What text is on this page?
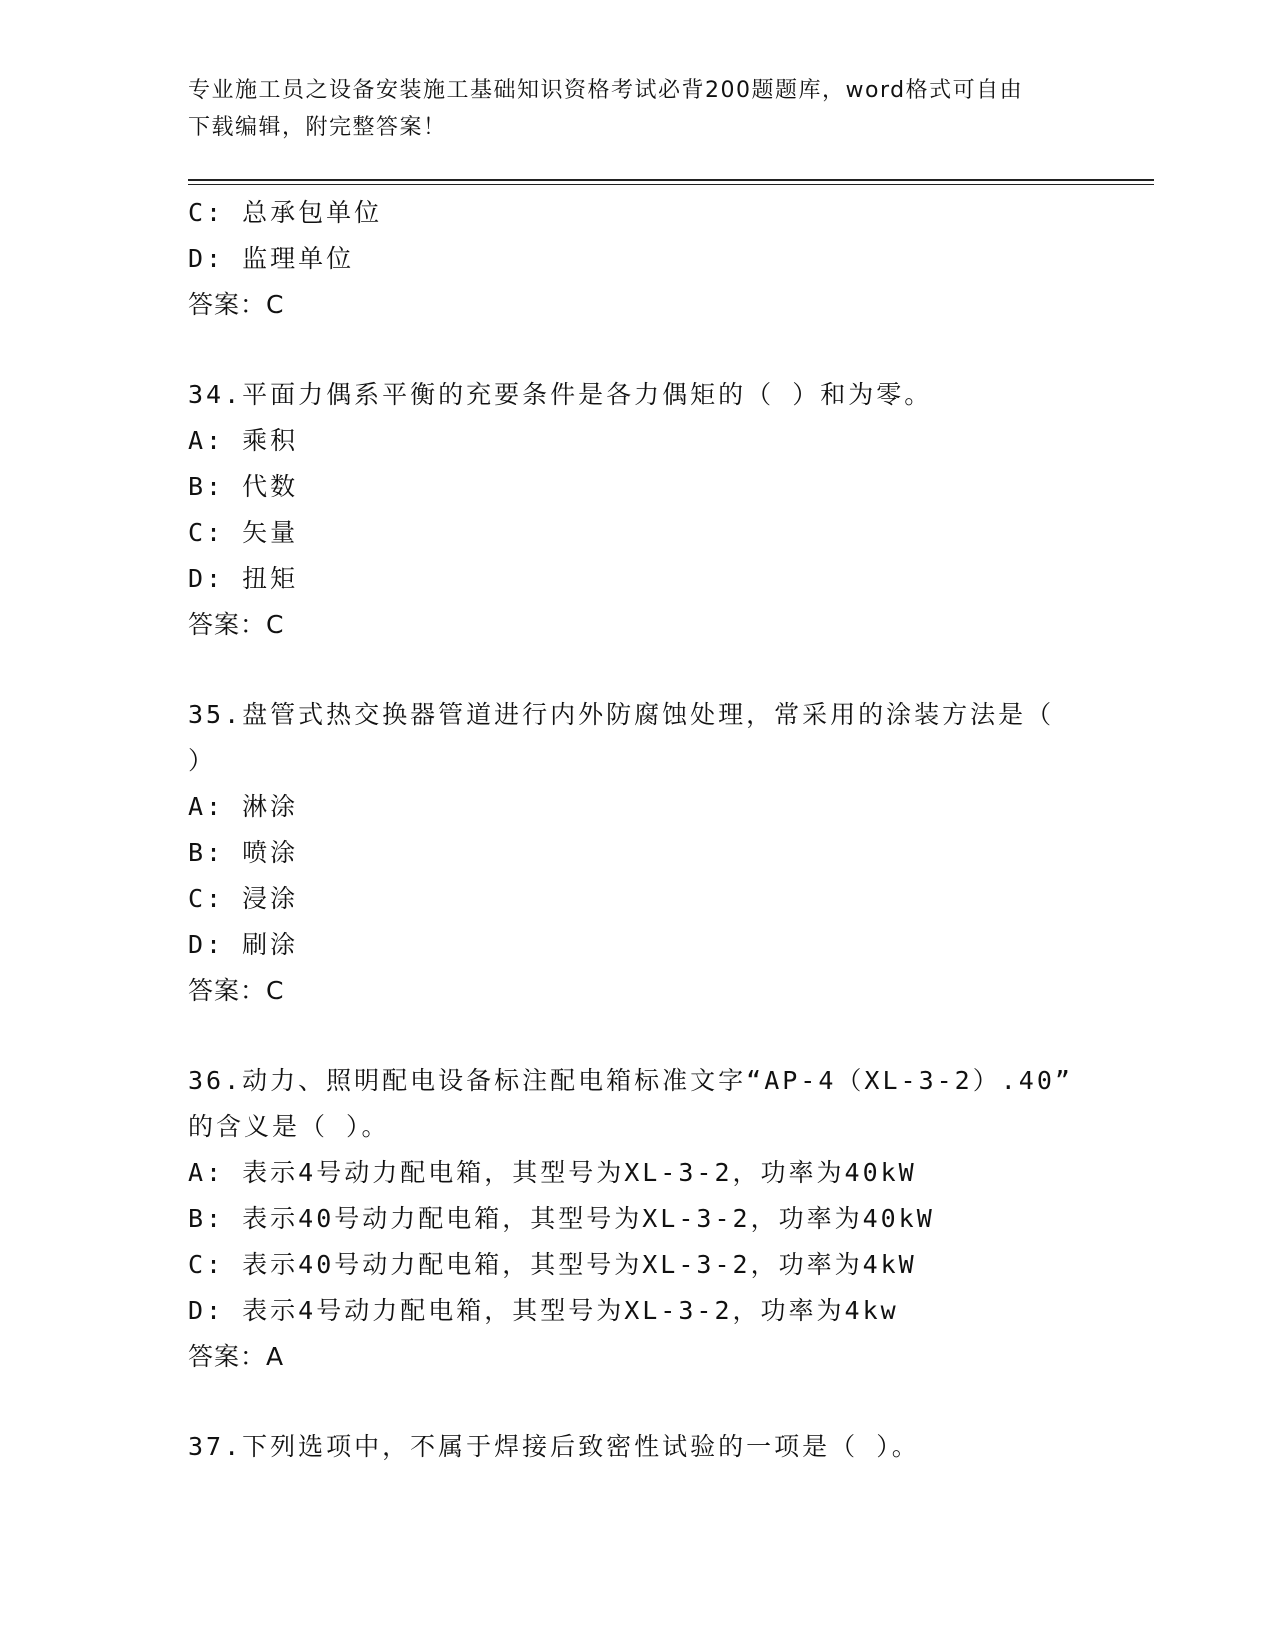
专业施工员之设备安装施工基础知识资格考试必背200题题库，word格式可自由
下载编辑，附完整答案！
C: 总承包单位
D: 监理单位
答案：C
34.平面力偶系平衡的充要条件是各力偶矩的（ ）和为零。
A: 乘积
B: 代数
C: 矢量
D: 扭矩
答案：C
35.盘管式热交换器管道进行内外防腐蚀处理，常采用的涂装方法是（
）
A: 淋涂
B: 喷涂
C: 浸涂
D: 刷涂
答案：C
36.动力、照明配电设备标注配电箱标准文字“AP-4（XL-3-2）.40”
的含义是（ ）。
A: 表示4号动力配电箱，其型号为XL-3-2，功率为40kW
B: 表示40号动力配电箱，其型号为XL-3-2，功率为40kW
C: 表示40号动力配电箱，其型号为XL-3-2，功率为4kW
D: 表示4号动力配电箱，其型号为XL-3-2，功率为4kw
答案：A
37.下列选项中，不属于焊接后致密性试验的一项是（ ）。
